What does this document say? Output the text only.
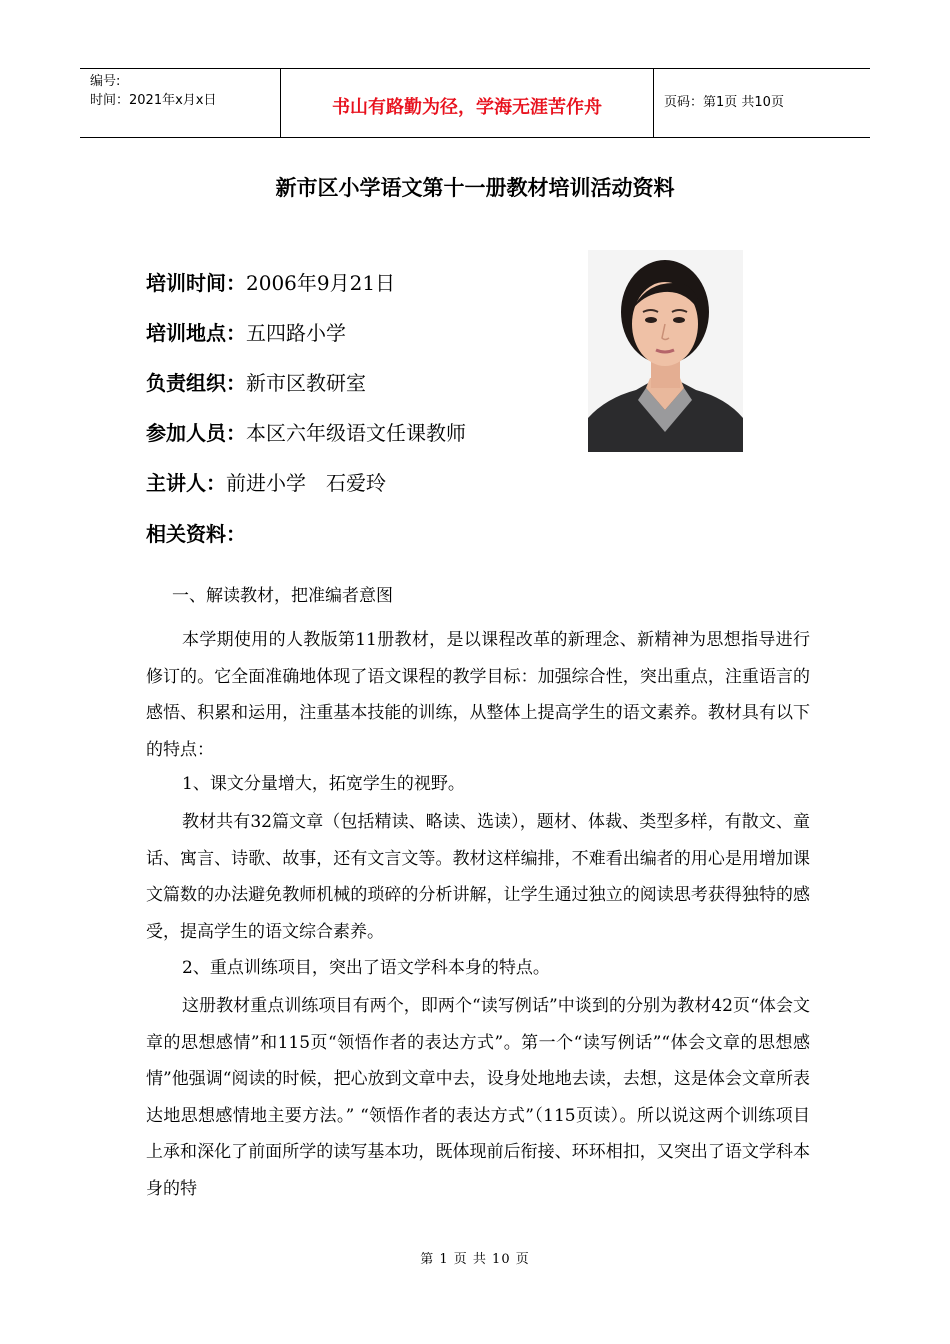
编号:
时间：2021年x月x日	书山有路勤为径，学海无涯苦作舟	页码：第1页 共10页
新市区小学语文第十一册教材培训活动资料
培训时间：2006年9月21日
培训地点：五四路小学
负责组织：新市区教研室
参加人员：本区六年级语文任课教师
主讲人：前进小学　石爱玲
相关资料：
一、解读教材，把准编者意图

本学期使用的人教版第11册教材，是以课程改革的新理念、新精神为思想指导进行修订的。它全面准确地体现了语文课程的教学目标：加强综合性，突出重点，注重语言的感悟、积累和运用，注重基本技能的训练，从整体上提高学生的语文素养。教材具有以下的特点：

1、课文分量增大，拓宽学生的视野。

教材共有32篇文章（包括精读、略读、选读），题材、体裁、类型多样，有散文、童话、寓言、诗歌、故事，还有文言文等。教材这样编排，不难看出编者的用心是用增加课文篇数的办法避免教师机械的琐碎的分析讲解，让学生通过独立的阅读思考获得独特的感受，提高学生的语文综合素养。

2、重点训练项目，突出了语文学科本身的特点。

这册教材重点训练项目有两个，即两个“读写例话”中谈到的分别为教材42页“体会文章的思想感情”和115页“领悟作者的表达方式”。第一个“读写例话”“体会文章的思想感情”他强调“阅读的时候，把心放到文章中去，设身处地地去读，去想，这是体会文章所表达地思想感情地主要方法。” “领悟作者的表达方式”（115页读）。所以说这两个训练项目上承和深化了前面所学的读写基本功，既体现前后衔接、环环相扣，又突出了语文学科本身的特

第 1 页 共 10 页
